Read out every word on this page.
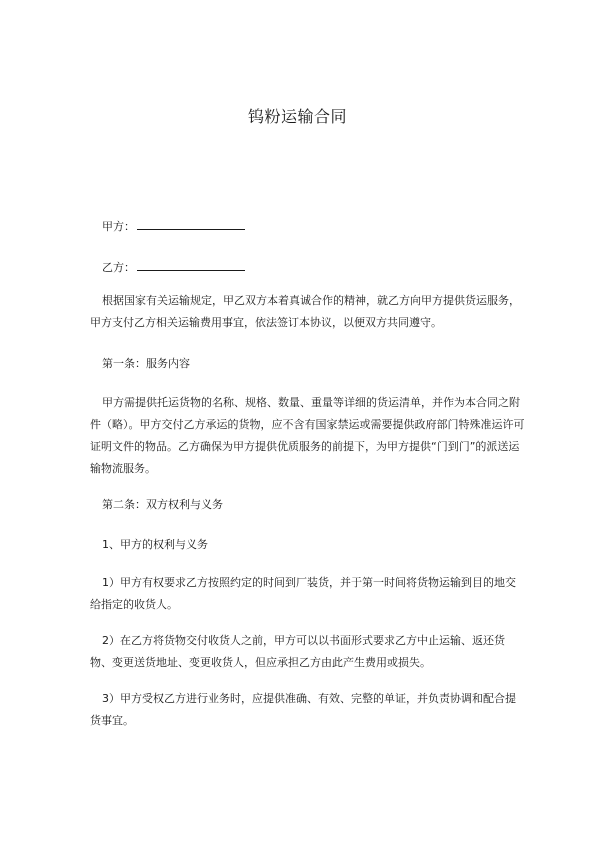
钨粉运输合同
甲方：
乙方：

根据国家有关运输规定，甲乙双方本着真诚合作的精神，就乙方向甲方提供货运服务，甲方支付乙方相关运输费用事宜，依法签订本协议，以便双方共同遵守。

第一条：服务内容

甲方需提供托运货物的名称、规格、数量、重量等详细的货运清单，并作为本合同之附件（略）。甲方交付乙方承运的货物，应不含有国家禁运或需要提供政府部门特殊准运许可证明文件的物品。乙方确保为甲方提供优质服务的前提下，为甲方提供“门到门”的派送运输物流服务。

第二条：双方权利与义务

1、甲方的权利与义务

1）甲方有权要求乙方按照约定的时间到厂装货，并于第一时间将货物运输到目的地交给指定的收货人。

2）在乙方将货物交付收货人之前，甲方可以以书面形式要求乙方中止运输、返还货物、变更送货地址、变更收货人，但应承担乙方由此产生费用或损失。

3）甲方受权乙方进行业务时，应提供准确、有效、完整的单证，并负责协调和配合提货事宜。
